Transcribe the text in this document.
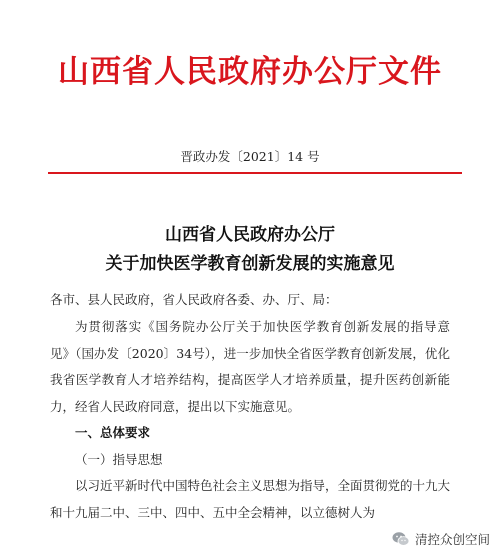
山西省人民政府办公厅文件
晋政办发〔2021〕14 号
山西省人民政府办公厅
关于加快医学教育创新发展的实施意见
各市、县人民政府，省人民政府各委、办、厅、局：
为贯彻落实《国务院办公厅关于加快医学教育创新发展的指导意见》（国办发〔2020〕34号），进一步加快全省医学教育创新发展，优化我省医学教育人才培养结构，提高医学人才培养质量，提升医药创新能力，经省人民政府同意，提出以下实施意见。
一、总体要求
（一）指导思想
以习近平新时代中国特色社会主义思想为指导，全面贯彻党的十九大和十九届二中、三中、四中、五中全会精神，以立德树人为
清控众创空间
